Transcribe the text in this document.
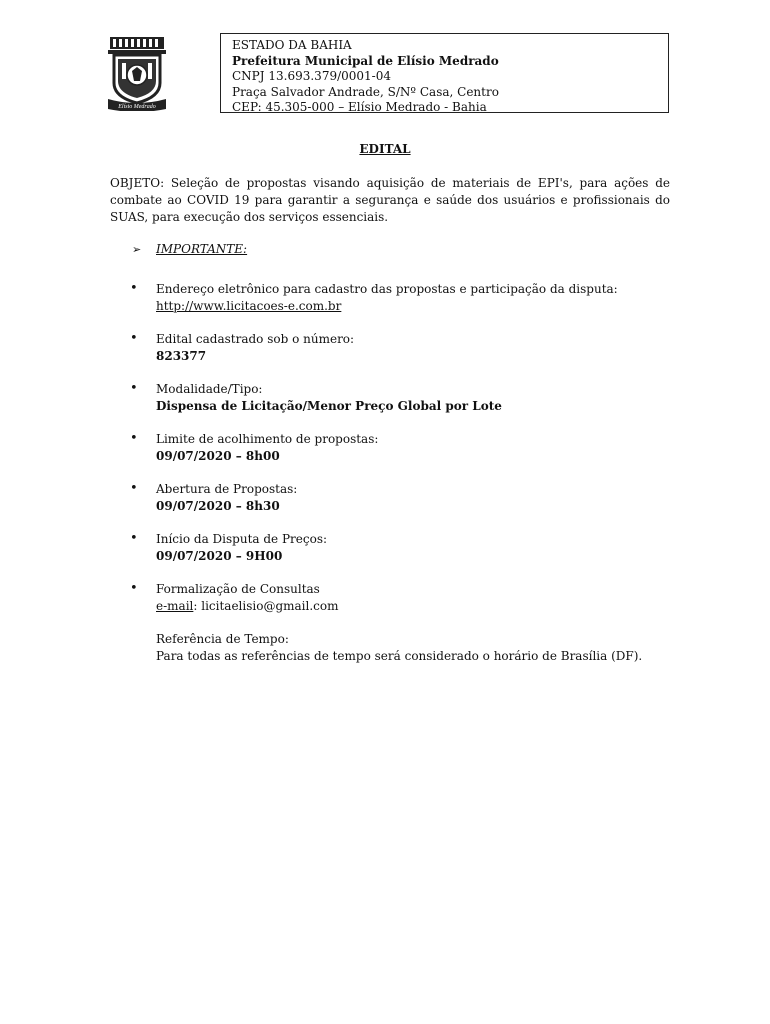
Elísio Medrado
ESTADO DA BAHIA
Prefeitura Municipal de Elísio Medrado
CNPJ 13.693.379/0001-04
Praça Salvador Andrade, S/Nº Casa, Centro
CEP: 45.305-000 – Elísio Medrado - Bahia
EDITAL
OBJETO: Seleção de propostas visando aquisição de materiais de EPI's, para ações de
combate ao COVID 19 para garantir a segurança e saúde dos usuários e profissionais do
SUAS, para execução dos serviços essenciais.
➢ IMPORTANTE:
• Endereço eletrônico para cadastro das propostas e participação da disputa:
http://www.licitacoes-e.com.br
• Edital cadastrado sob o número:
823377
• Modalidade/Tipo:
Dispensa de Licitação/Menor Preço Global por Lote
• Limite de acolhimento de propostas:
09/07/2020 – 8h00
• Abertura de Propostas:
09/07/2020 – 8h30
• Início da Disputa de Preços:
09/07/2020 – 9H00
• Formalização de Consultas
e-mail: licitaelisio@gmail.com
Referência de Tempo:
Para todas as referências de tempo será considerado o horário de Brasília (DF).
